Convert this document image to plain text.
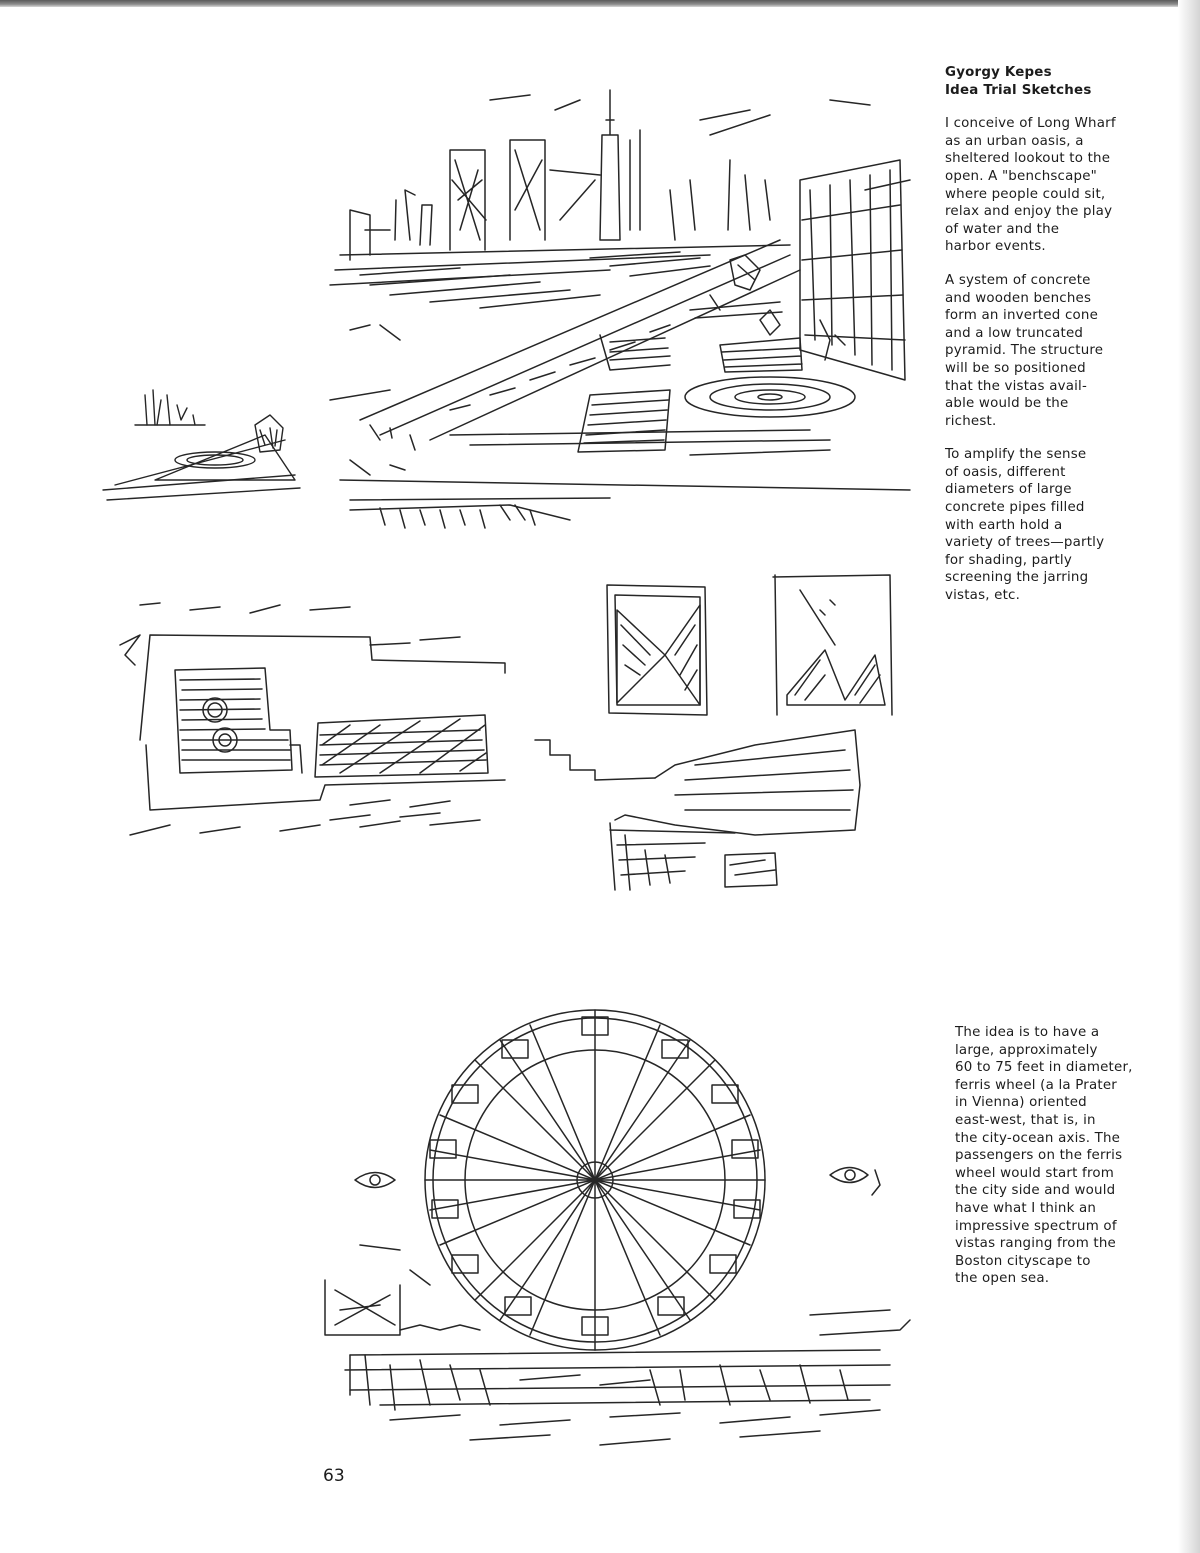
Gyorgy Kepes
Idea Trial Sketches

I conceive of Long Wharf
as an urban oasis, a
sheltered lookout to the
open. A "benchscape"
where people could sit,
relax and enjoy the play
of water and the
harbor events.

A system of concrete
and wooden benches
form an inverted cone
and a low truncated
pyramid. The structure
will be so positioned
that the vistas avail-
able would be the
richest.

To amplify the sense
of oasis, different
diameters of large
concrete pipes filled
with earth hold a
variety of trees—partly
for shading, partly
screening the jarring
vistas, etc.

The idea is to have a
large, approximately
60 to 75 feet in diameter,
ferris wheel (a la Prater
in Vienna) oriented
east-west, that is, in
the city-ocean axis. The
passengers on the ferris
wheel would start from
the city side and would
have what I think an
impressive spectrum of
vistas ranging from the
Boston cityscape to
the open sea.

63
